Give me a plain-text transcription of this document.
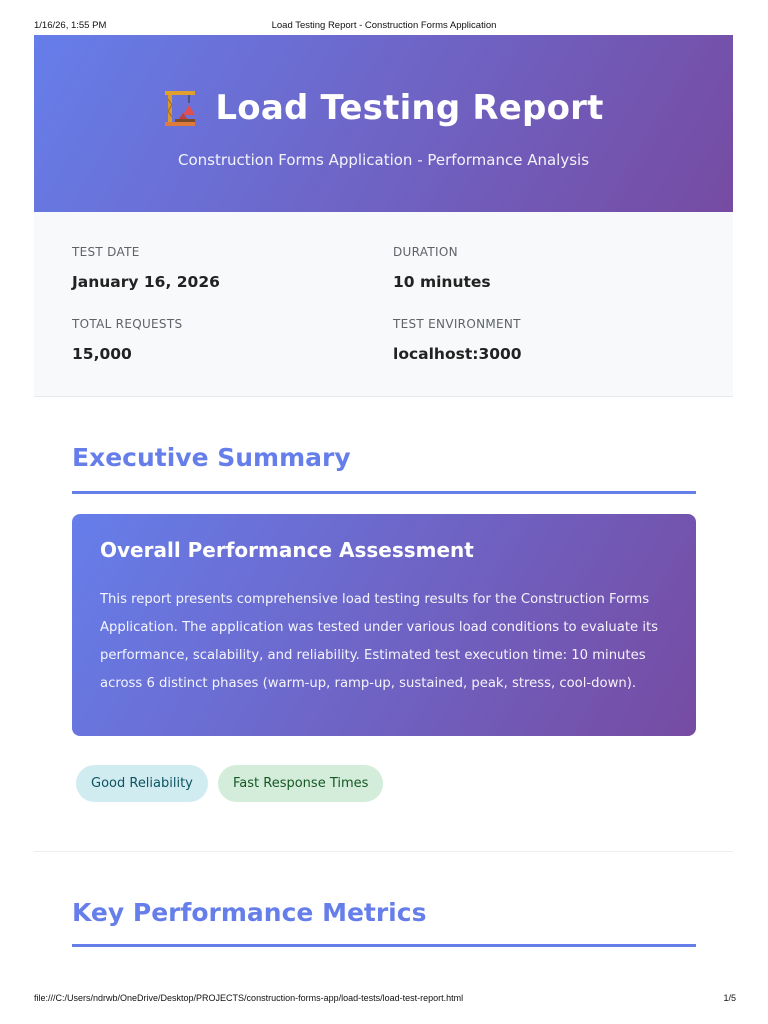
1/16/26, 1:55 PM	Load Testing Report - Construction Forms Application
Load Testing Report
Construction Forms Application - Performance Analysis
TEST DATE
January 16, 2026
DURATION
10 minutes
TOTAL REQUESTS
15,000
TEST ENVIRONMENT
localhost:3000
Executive Summary
Overall Performance Assessment

This report presents comprehensive load testing results for the Construction Forms Application. The application was tested under various load conditions to evaluate its performance, scalability, and reliability. Estimated test execution time: 10 minutes across 6 distinct phases (warm-up, ramp-up, sustained, peak, stress, cool-down).

Good Reliability	Fast Response Times
Key Performance Metrics
file:///C:/Users/ndrwb/OneDrive/Desktop/PROJECTS/construction-forms-app/load-tests/load-test-report.html	1/5
